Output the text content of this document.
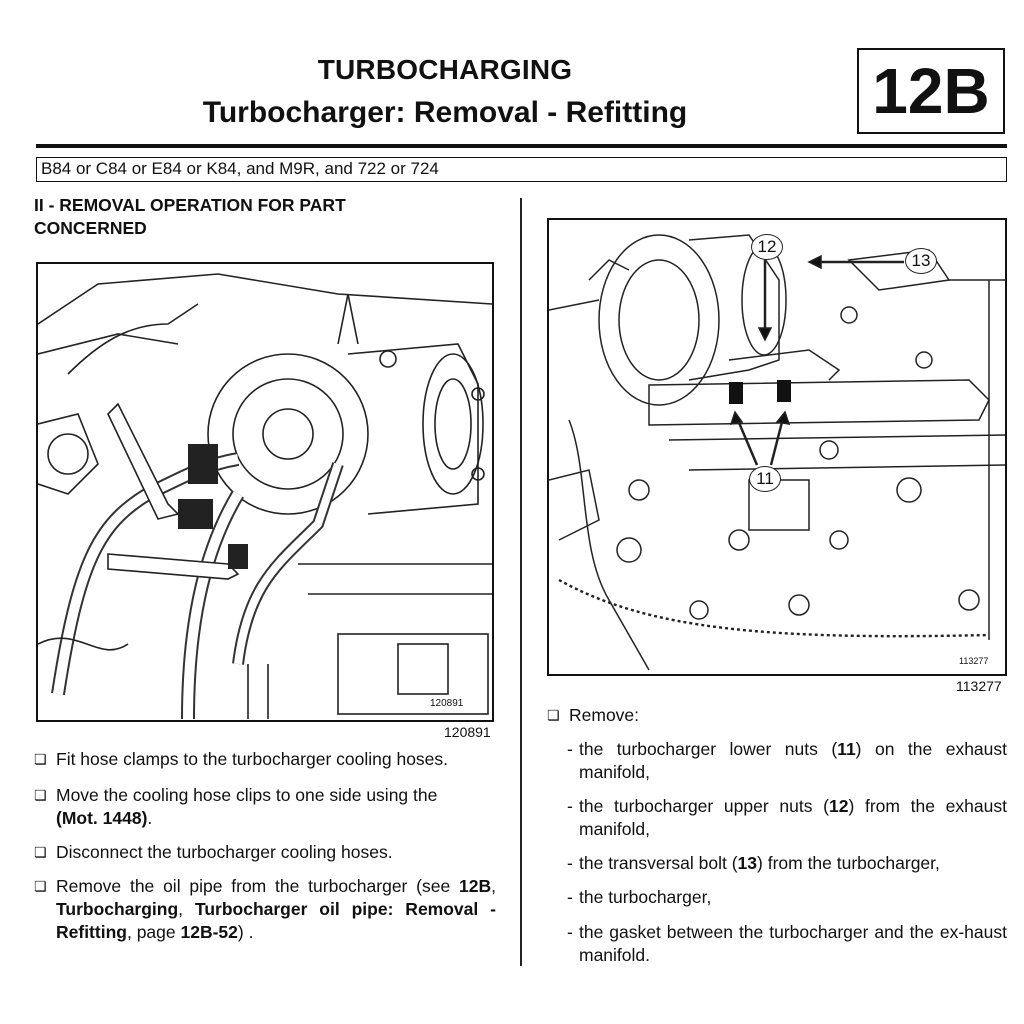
TURBOCHARGING
Turbocharger: Removal - Refitting	12B
B84 or C84 or E84 or K84, and M9R, and 722 or 724
II - REMOVAL OPERATION FOR PART
CONCERNED
120891
120891
❏ Fit hose clamps to the turbocharger cooling hoses.
❏ Move the cooling hose clips to one side using the
(Mot. 1448).
❏ Disconnect the turbocharger cooling hoses.
❏ Remove the oil pipe from the turbocharger (see 12B, Turbocharging, Turbocharger oil pipe: Removal - Refitting, page 12B-52) .
12
13
11
113277
113277
❏ Remove:
- the turbocharger lower nuts (11) on the exhaust manifold,
- the turbocharger upper nuts (12) from the exhaust manifold,
- the transversal bolt (13) from the turbocharger,
- the turbocharger,
- the gasket between the turbocharger and the ex-haust manifold.
